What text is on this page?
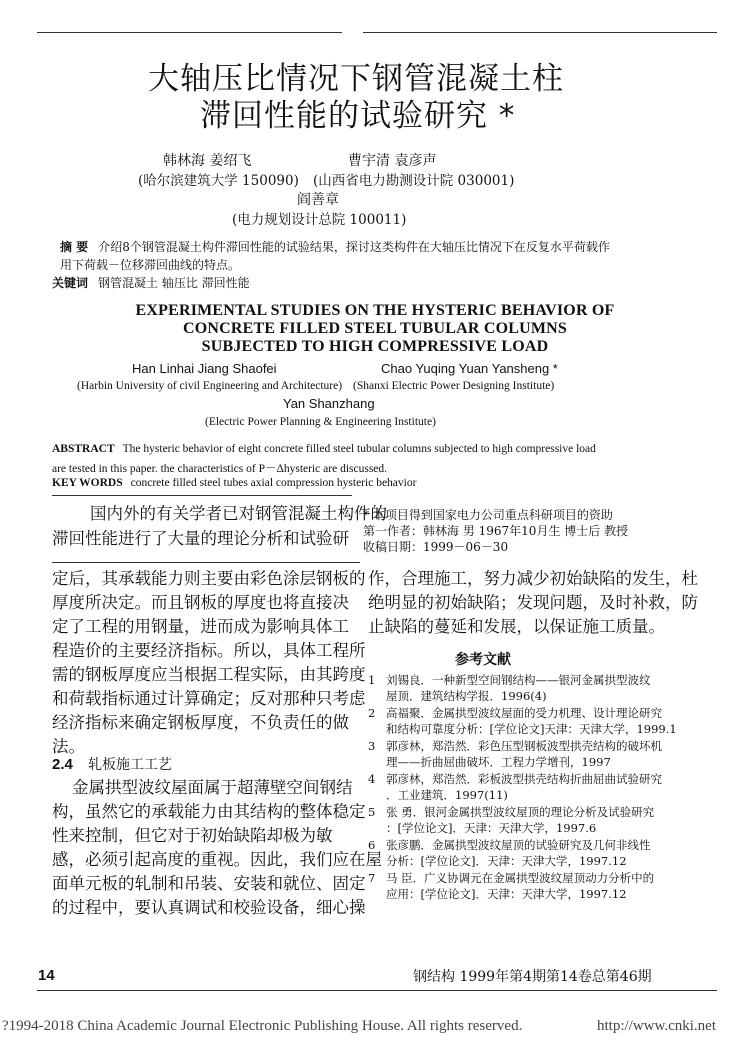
大轴压比情况下钢管混凝土柱
滞回性能的试验研究 *
韩林海 姜绍飞	曹宇清 袁彦声
(哈尔滨建筑大学 150090) (山西省电力勘测设计院 030001)
阎善章
(电力规划设计总院 100011)
摘 要 介绍8个钢管混凝土构件滞回性能的试验结果，探讨这类构件在大轴压比情况下在反复水平荷载作
用下荷载－位移滞回曲线的特点。
关键词 钢管混凝土 轴压比 滞回性能
EXPERIMENTAL STUDIES ON THE HYSTERIC BEHAVIOR OF
CONCRETE FILLED STEEL TUBULAR COLUMNS
SUBJECTED TO HIGH COMPRESSIVE LOAD
Han Linhai Jiang Shaofei	Chao Yuqing Yuan Yansheng *
(Harbin University of civil Engineering and Architecture) (Shanxi Electric Power Designing Institute)
Yan Shanzhang
(Electric Power Planning & Engineering Institute)
ABSTRACT The hysteric behavior of eight concrete filled steel tubular columns subjected to high compressive load
are tested in this paper. the characteristics of P－Δhysteric are discussed.
KEY WORDS concrete filled steel tubes axial compression hysteric behavior
国内外的有关学者已对钢管混凝土构件的
滞回性能进行了大量的理论分析和试验研
* 本项目得到国家电力公司重点科研项目的资助
第一作者：韩林海 男 1967年10月生 博士后 教授
收稿日期：1999－06－30
定后，其承载能力则主要由彩色涂层钢板的
厚度所决定。而且钢板的厚度也将直接决
定了工程的用钢量，进而成为影响具体工
程造价的主要经济指标。所以，具体工程所
需的钢板厚度应当根据工程实际，由其跨度
和荷载指标通过计算确定；反对那种只考虑
经济指标来确定钢板厚度，不负责任的做
法。
2.4 轧板施工工艺
金属拱型波纹屋面属于超薄壁空间钢结
构，虽然它的承载能力由其结构的整体稳定
性来控制，但它对于初始缺陷却极为敏
感，必须引起高度的重视。因此，我们应在屋
面单元板的轧制和吊装、安装和就位、固定
的过程中，要认真调试和校验设备，细心操
作，合理施工，努力减少初始缺陷的发生，杜
绝明显的初始缺陷；发现问题，及时补救，防
止缺陷的蔓延和发展，以保证施工质量。
参考文献
1 刘锡良．一种新型空间钢结构——银河金属拱型波纹
屋顶．建筑结构学报．1996(4)
2 高福聚．金属拱型波纹屋面的受力机理、设计理论研究
和结构可靠度分析：[学位论文]天津：天津大学，1999.1
3 郭彦林，郑浩然．彩色压型钢板波型拱壳结构的破坏机
理——折曲屈曲破坏．工程力学增刊，1997
4 郭彦林，郑浩然．彩板波型拱壳结构折曲屈曲试验研究
．工业建筑．1997(11)
5 张 勇．银河金属拱型波纹屋顶的理论分析及试验研究
：[学位论文]．天津：天津大学，1997.6
6 张彦鹏．金属拱型波纹屋顶的试验研究及几何非线性
分析：[学位论文]．天津：天津大学，1997.12
7 马 臣．广义协调元在金属拱型波纹屋顶动力分析中的
应用：[学位论文]．天津：天津大学，1997.12
14	钢结构 1999年第4期第14卷总第46期
?1994-2018 China Academic Journal Electronic Publishing House. All rights reserved.	http://www.cnki.net
